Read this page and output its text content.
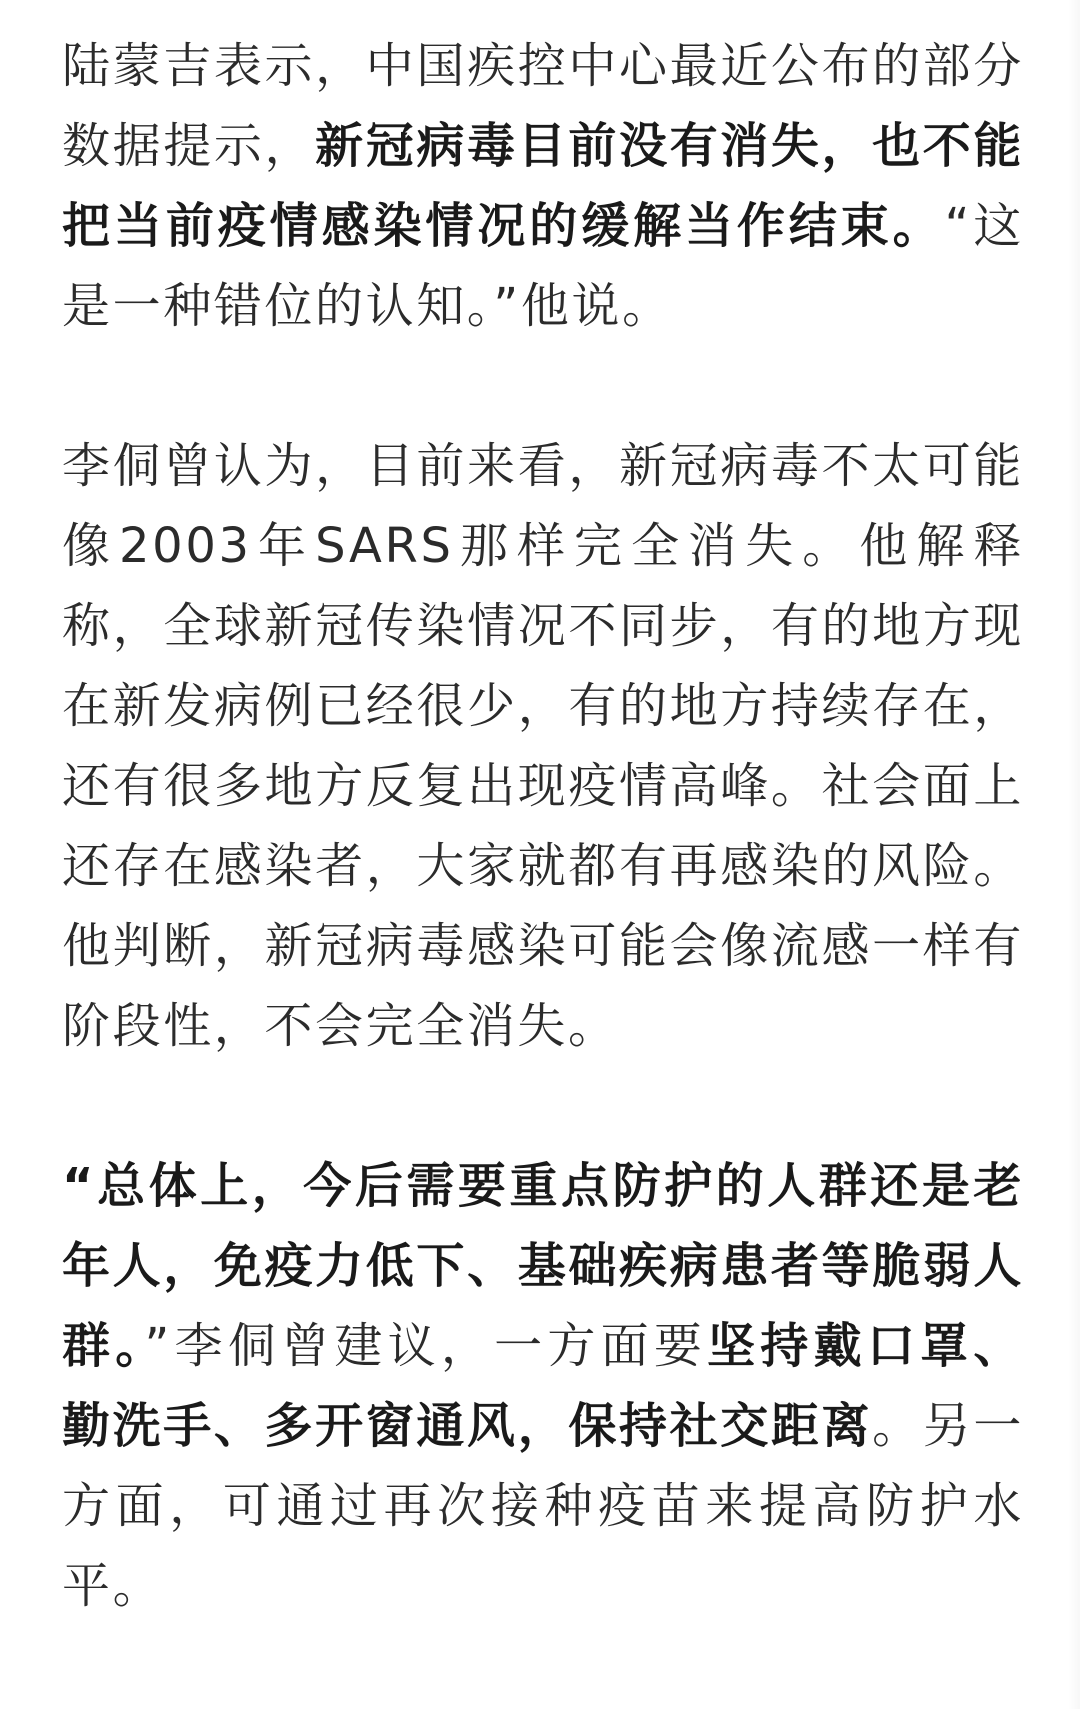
陆蒙吉表示，中国疾控中心最近公布的部分数据提示，新冠病毒目前没有消失，也不能把当前疫情感染情况的缓解当作结束。“这是一种错位的认知。”他说。

李侗曾认为，目前来看，新冠病毒不太可能像2003年SARS那样完全消失。他解释称，全球新冠传染情况不同步，有的地方现在新发病例已经很少，有的地方持续存在，还有很多地方反复出现疫情高峰。社会面上还存在感染者，大家就都有再感染的风险。他判断，新冠病毒感染可能会像流感一样有阶段性，不会完全消失。

“总体上，今后需要重点防护的人群还是老年人，免疫力低下、基础疾病患者等脆弱人群。”李侗曾建议，一方面要坚持戴口罩、勤洗手、多开窗通风，保持社交距离。另一方面，可通过再次接种疫苗来提高防护水平。
